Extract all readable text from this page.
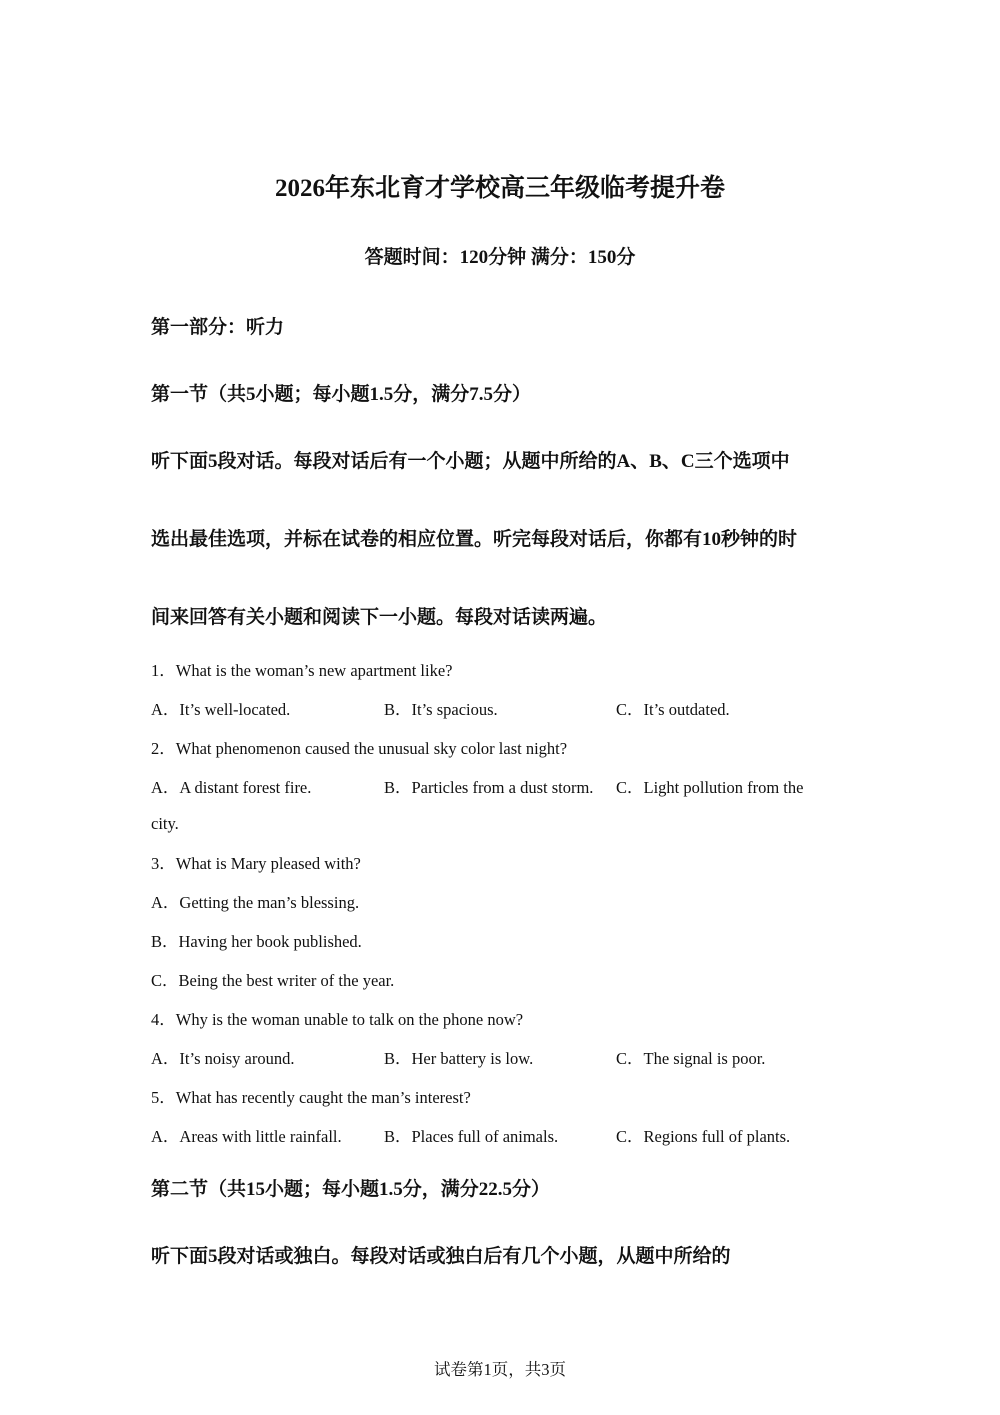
2026年东北育才学校高三年级临考提升卷
答题时间：120分钟 满分：150分
第一部分：听力
第一节（共5小题；每小题1.5分，满分7.5分）
听下面5段对话。每段对话后有一个小题；从题中所给的A、B、C三个选项中
选出最佳选项，并标在试卷的相应位置。听完每段对话后，你都有10秒钟的时
间来回答有关小题和阅读下一小题。每段对话读两遍。
1．What is the woman’s new apartment like?
A．It’s well-located.	B．It’s spacious.	C．It’s outdated.
2．What phenomenon caused the unusual sky color last night?
A．A distant forest fire.	B．Particles from a dust storm. C．Light pollution from the
city.
3．What is Mary pleased with?
A．Getting the man’s blessing.
B．Having her book published.
C．Being the best writer of the year.
4．Why is the woman unable to talk on the phone now?
A．It’s noisy around.	B．Her battery is low.	C．The signal is poor.
5．What has recently caught the man’s interest?
A．Areas with little rainfall.	B．Places full of animals.	C．Regions full of plants.
第二节（共15小题；每小题1.5分，满分22.5分）
听下面5段对话或独白。每段对话或独白后有几个小题，从题中所给的
试卷第1页，共3页
